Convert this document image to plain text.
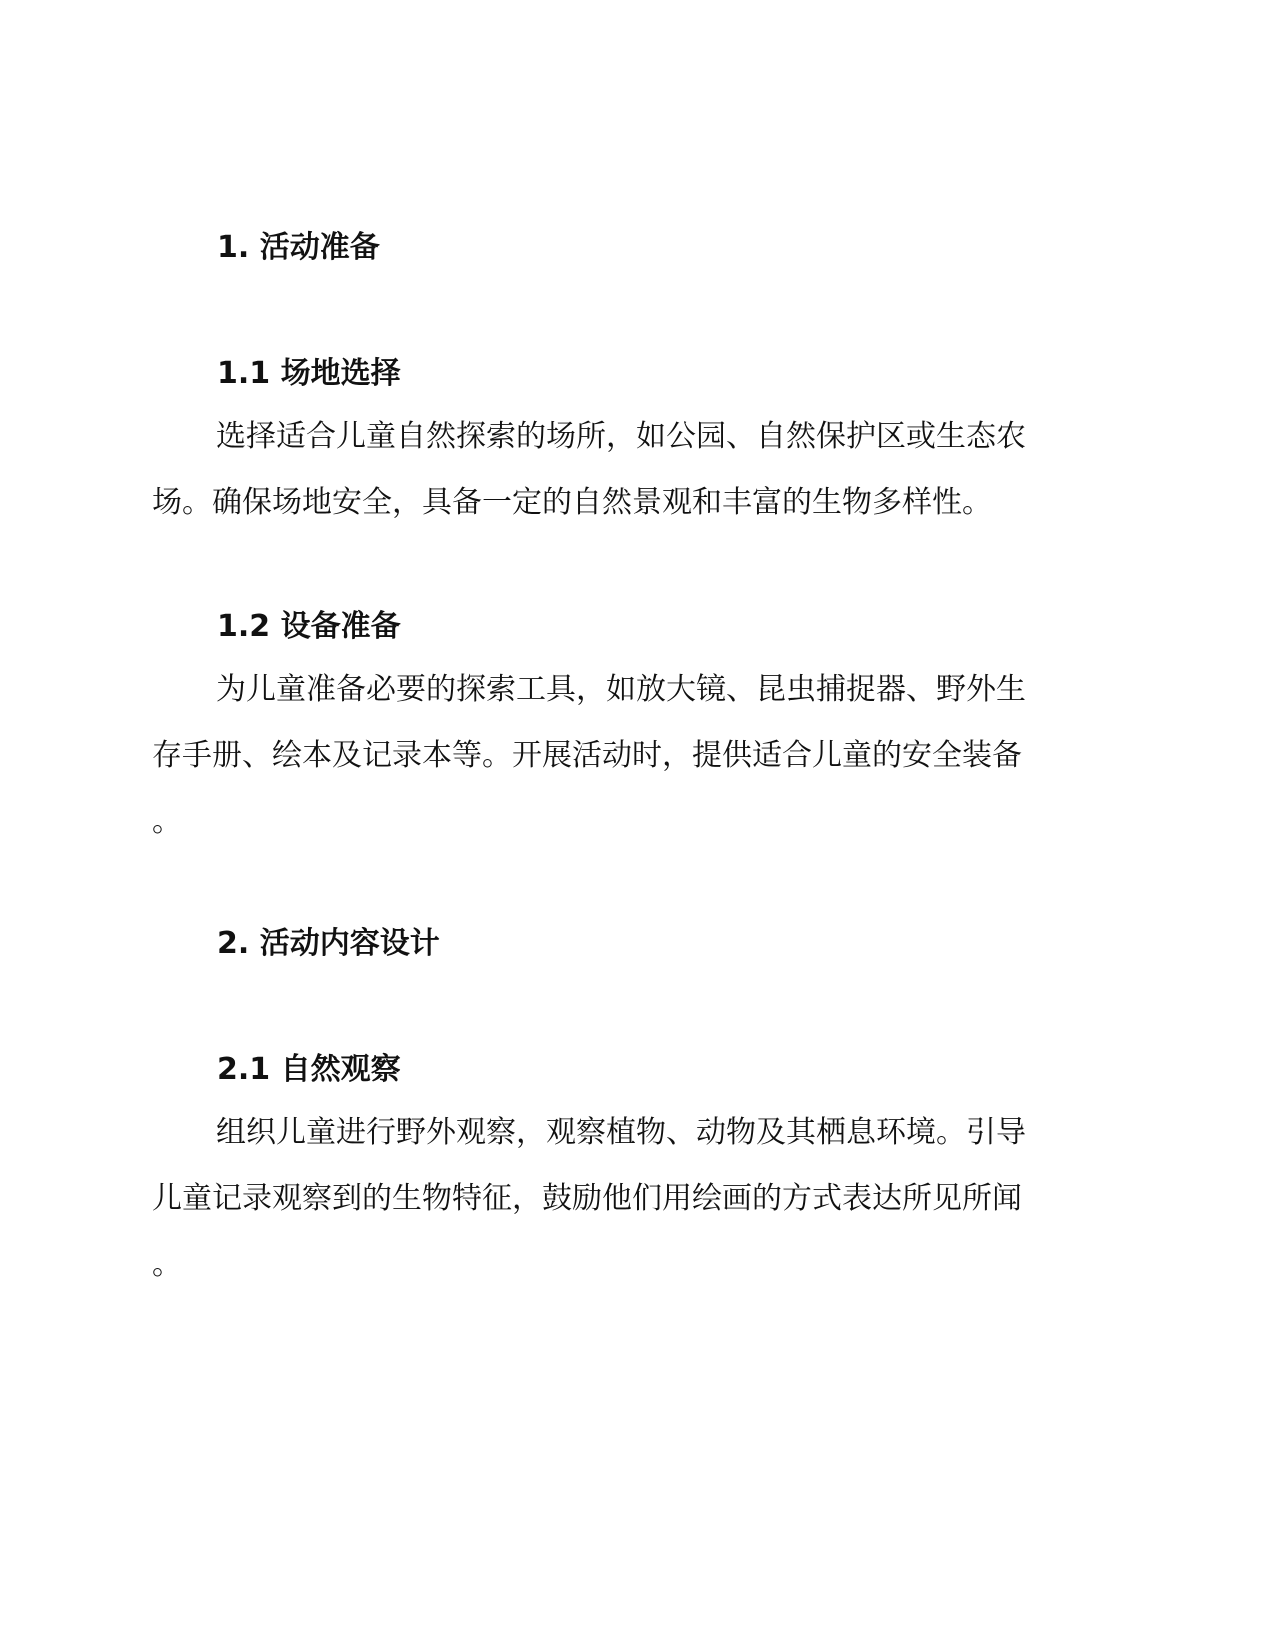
1. 活动准备
1.1 场地选择
选择适合儿童自然探索的场所，如公园、自然保护区或生态农
场。确保场地安全，具备一定的自然景观和丰富的生物多样性。
1.2 设备准备
为儿童准备必要的探索工具，如放大镜、昆虫捕捉器、野外生
存手册、绘本及记录本等。开展活动时，提供适合儿童的安全装备
。
2. 活动内容设计
2.1 自然观察
组织儿童进行野外观察，观察植物、动物及其栖息环境。引导
儿童记录观察到的生物特征，鼓励他们用绘画的方式表达所见所闻
。
